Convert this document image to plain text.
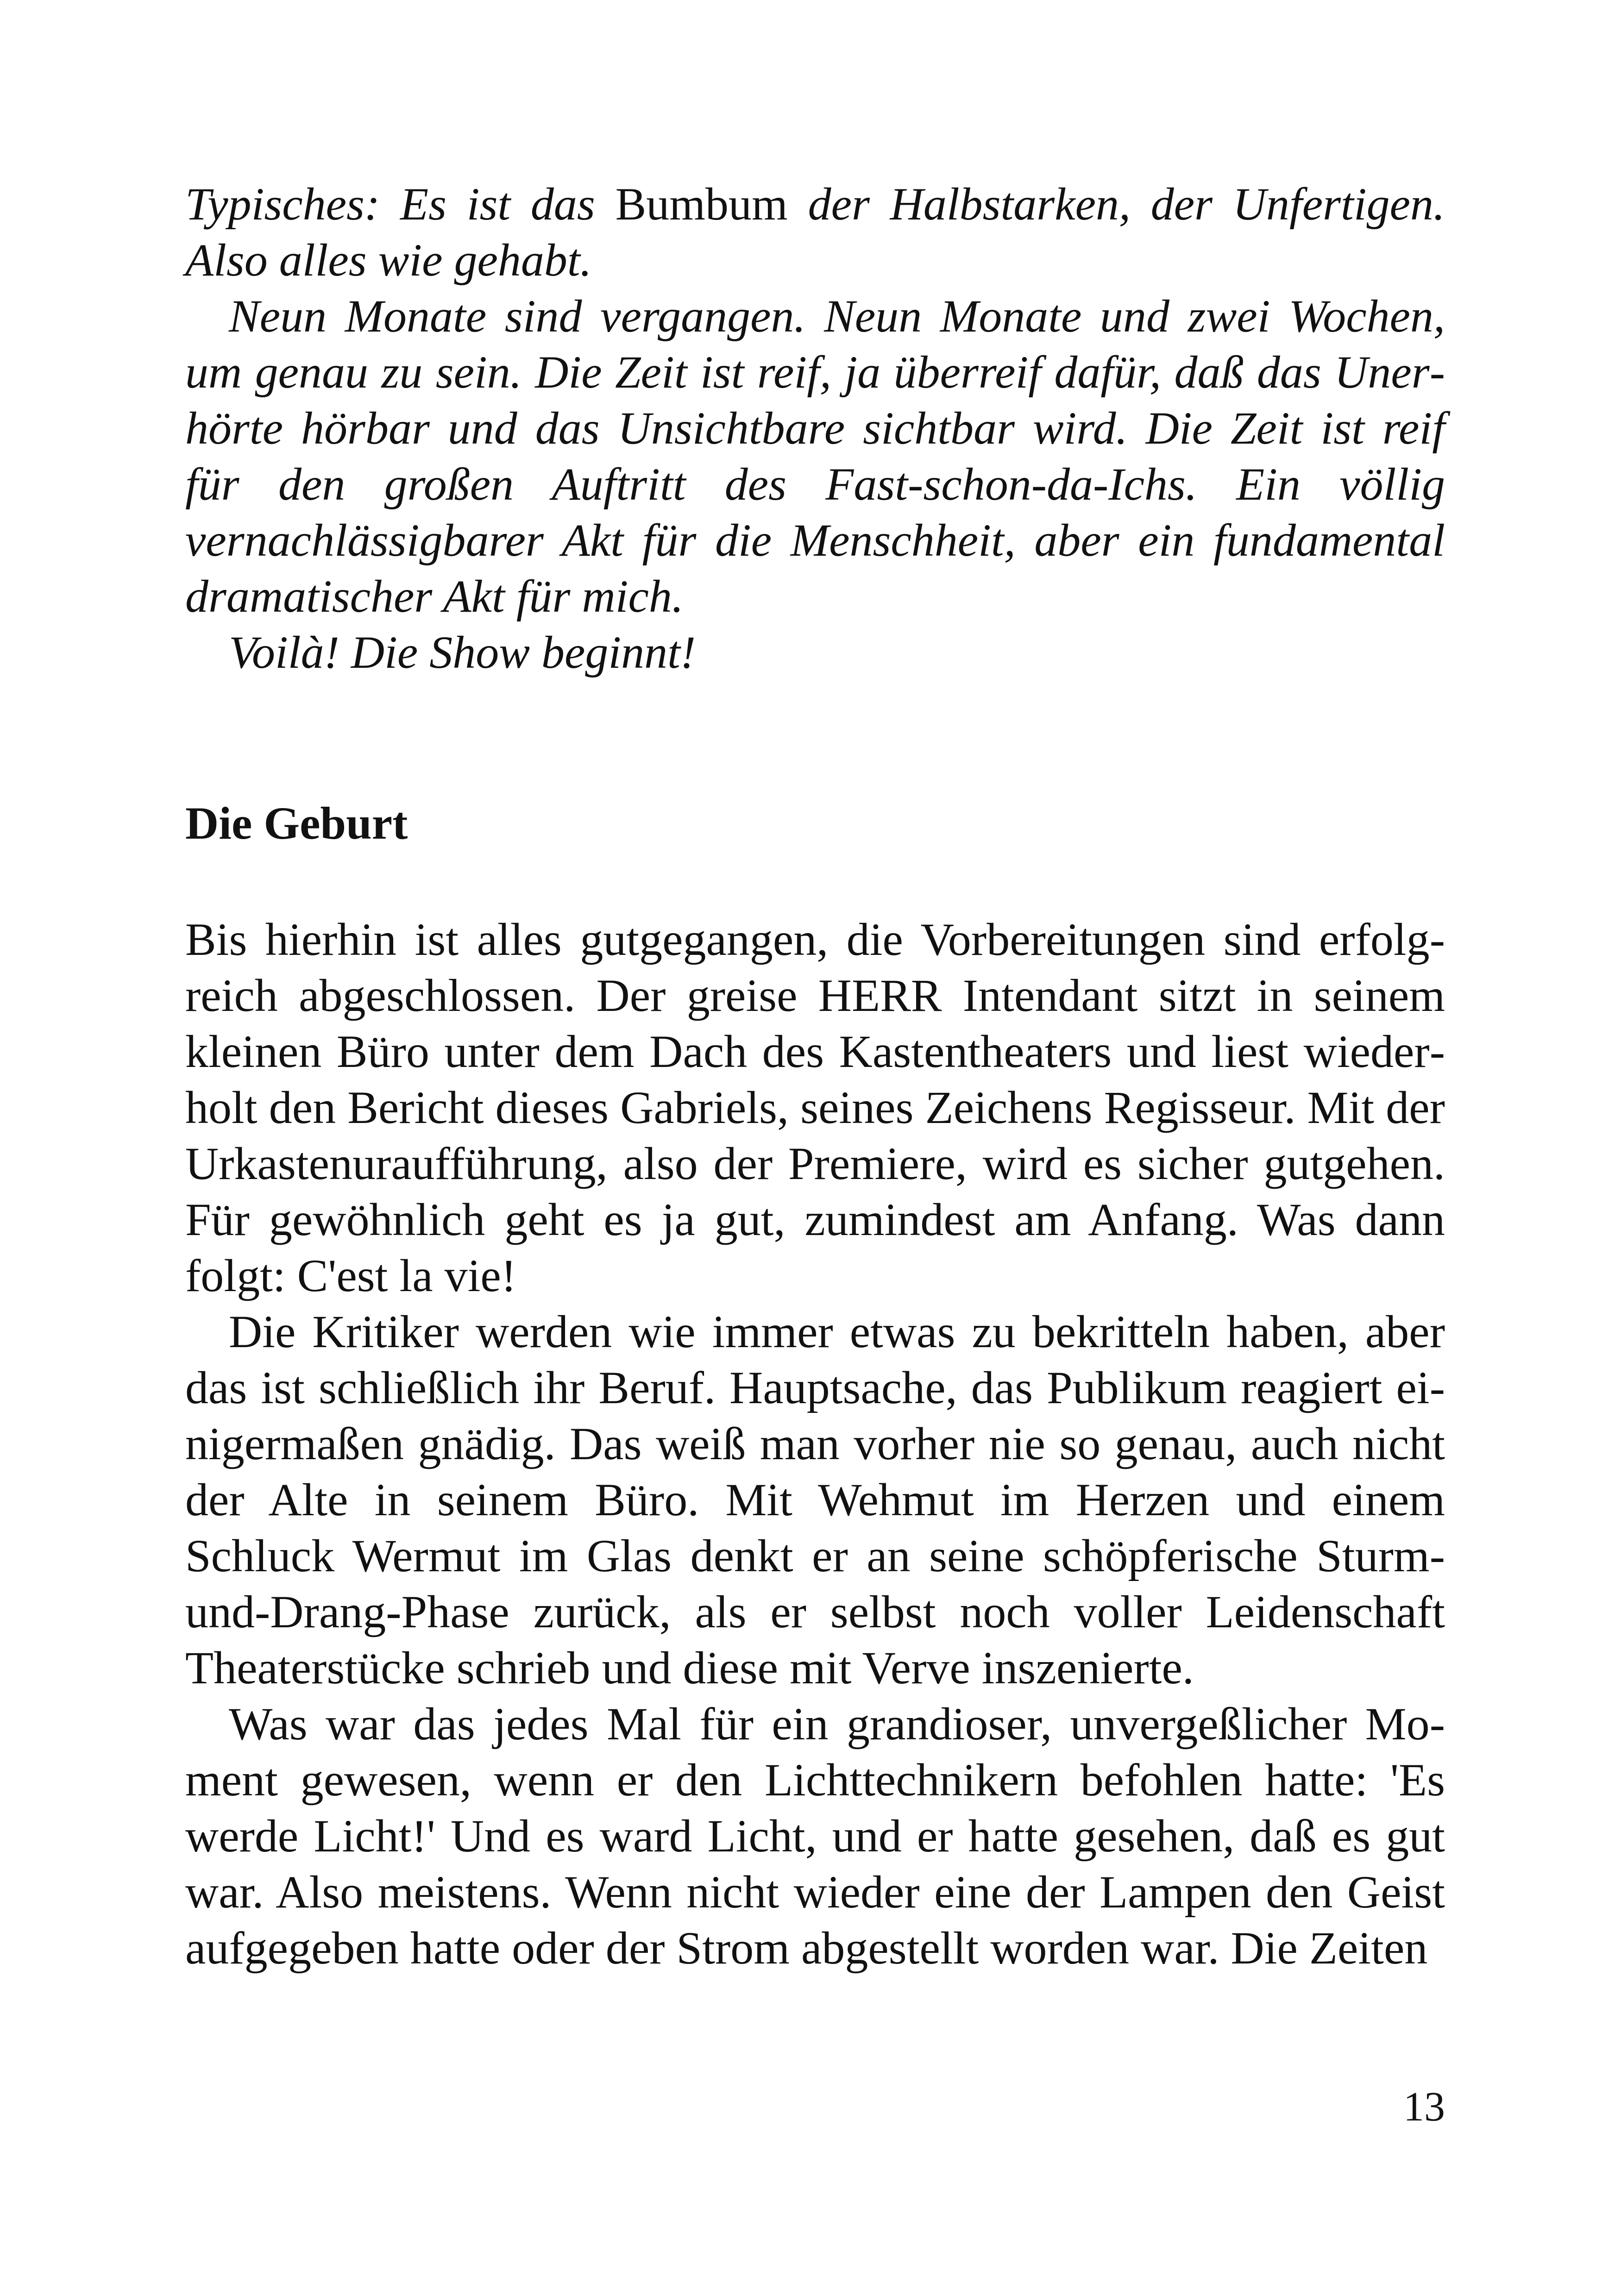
Typisches: Es ist das Bumbum der Halbstarken, der Unfertigen. Also alles wie gehabt.

Neun Monate sind vergangen. Neun Monate und zwei Wochen, um genau zu sein. Die Zeit ist reif, ja überreif dafür, daß das Unerhörte hörbar und das Unsichtbare sichtbar wird. Die Zeit ist reif für den großen Auftritt des Fast-schon-da-Ichs. Ein völlig vernachlässigbarer Akt für die Menschheit, aber ein fundamental dramatischer Akt für mich.

Voilà! Die Show beginnt!

Die Geburt

Bis hierhin ist alles gutgegangen, die Vorbereitungen sind erfolgreich abgeschlossen. Der greise HERR Intendant sitzt in seinem kleinen Büro unter dem Dach des Kastentheaters und liest wiederholt den Bericht dieses Gabriels, seines Zeichens Regisseur. Mit der Urkastenuraufführung, also der Premiere, wird es sicher gutgehen. Für gewöhnlich geht es ja gut, zumindest am Anfang. Was dann folgt: C'est la vie!

Die Kritiker werden wie immer etwas zu bekritteln haben, aber das ist schließlich ihr Beruf. Hauptsache, das Publikum reagiert einigermaßen gnädig. Das weiß man vorher nie so genau, auch nicht der Alte in seinem Büro. Mit Wehmut im Herzen und einem Schluck Wermut im Glas denkt er an seine schöpferische Sturm-und-Drang-Phase zurück, als er selbst noch voller Leidenschaft Theaterstücke schrieb und diese mit Verve inszenierte.

Was war das jedes Mal für ein grandioser, unvergeßlicher Moment gewesen, wenn er den Lichttechnikern befohlen hatte: 'Es werde Licht!' Und es ward Licht, und er hatte gesehen, daß es gut war. Also meistens. Wenn nicht wieder eine der Lampen den Geist aufgegeben hatte oder der Strom abgestellt worden war. Die Zeiten

13
